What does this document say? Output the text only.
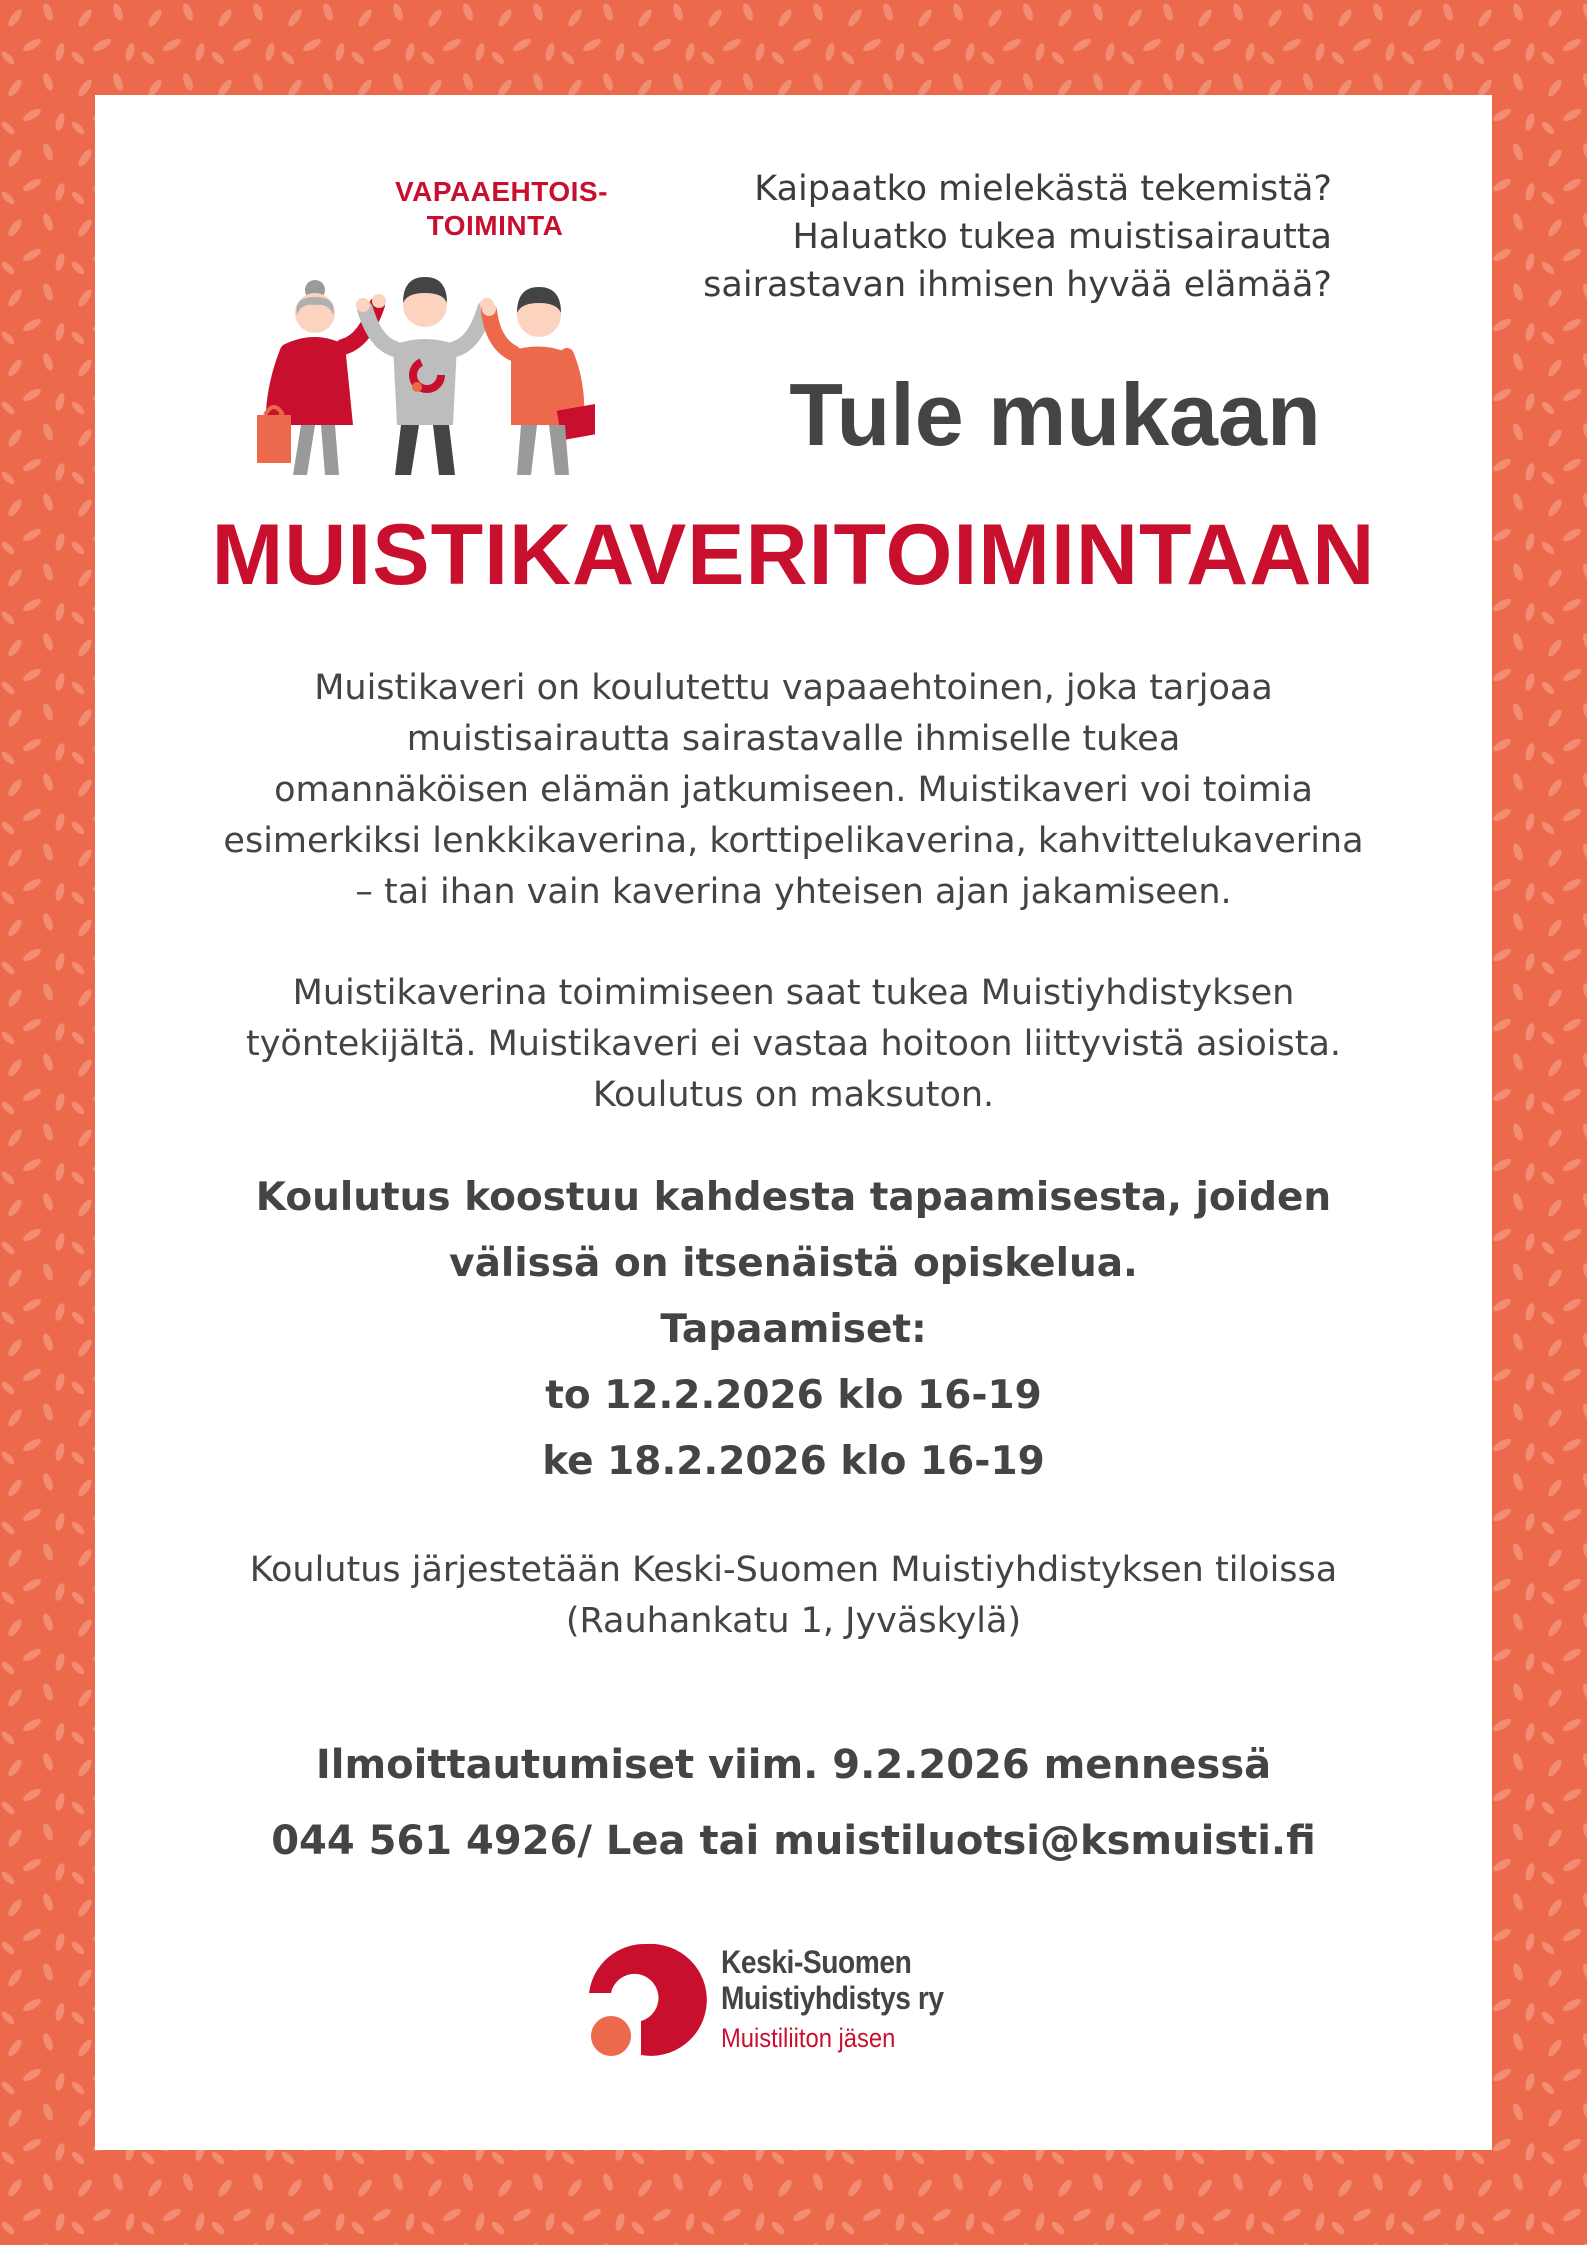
VAPAAEHTOIS-
TOIMINTA
Kaipaatko mielekästä tekemistä?
Haluatko tukea muistisairautta
sairastavan ihmisen hyvää elämää?
Tule mukaan
MUISTIKAVERITOIMINTAAN
Muistikaveri on koulutettu vapaaehtoinen, joka tarjoaa
muistisairautta sairastavalle ihmiselle tukea
omannäköisen elämän jatkumiseen. Muistikaveri voi toimia
esimerkiksi lenkkikaverina, korttipelikaverina, kahvittelukaverina
– tai ihan vain kaverina yhteisen ajan jakamiseen.
Muistikaverina toimimiseen saat tukea Muistiyhdistyksen
työntekijältä. Muistikaveri ei vastaa hoitoon liittyvistä asioista.
Koulutus on maksuton.
Koulutus koostuu kahdesta tapaamisesta, joiden
välissä on itsenäistä opiskelua.
Tapaamiset:
to 12.2.2026 klo 16-19
ke 18.2.2026 klo 16-19
Koulutus järjestetään Keski-Suomen Muistiyhdistyksen tiloissa
(Rauhankatu 1, Jyväskylä)
Ilmoittautumiset viim. 9.2.2026 mennessä
044 561 4926/ Lea tai muistiluotsi@ksmuisti.fi
Keski-Suomen
Muistiyhdistys ry
Muistiliiton jäsen
